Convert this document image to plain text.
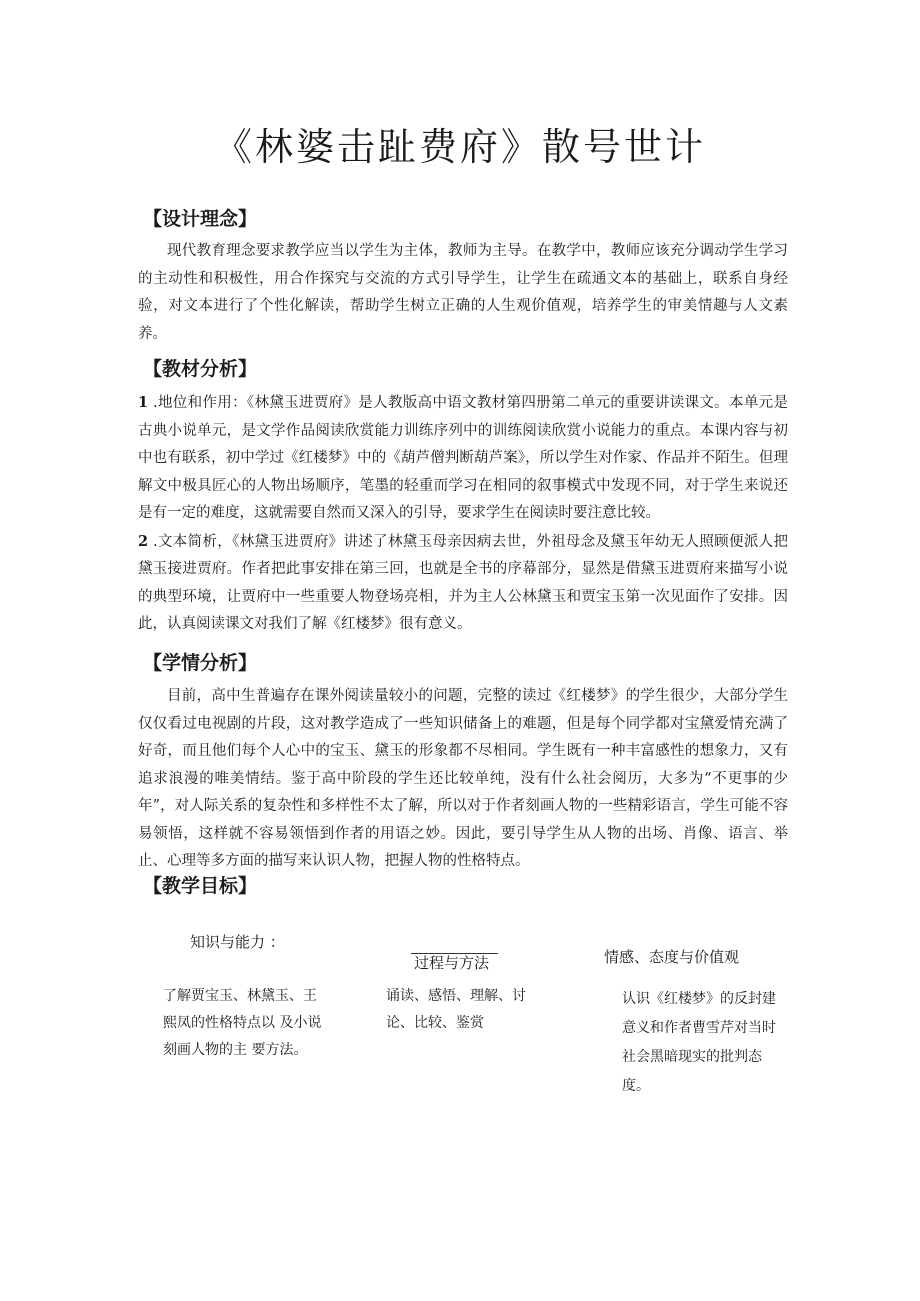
《林婆击趾费府》散号世计
【设计理念】

现代教育理念要求教学应当以学生为主体，教师为主导。在教学中，教师应该充分调动学生学习的主动性和积极性，用合作探究与交流的方式引导学生，让学生在疏通文本的基础上，联系自身经验，对文本进行了个性化解读，帮助学生树立正确的人生观价值观，培养学生的审美情趣与人文素养。

【教材分析】

1 .地位和作用：《林黛玉进贾府》是人教版高中语文教材第四册第二单元的重要讲读课文。本单元是古典小说单元，是文学作品阅读欣赏能力训练序列中的训练阅读欣赏小说能力的重点。本课内容与初中也有联系，初中学过《红楼梦》中的《葫芦僧判断葫芦案》，所以学生对作家、作品并不陌生。但理解文中极具匠心的人物出场顺序，笔墨的轻重而学习在相同的叙事模式中发现不同，对于学生来说还是有一定的难度，这就需要自然而又深入的引导，要求学生在阅读时要注意比较。

2 .文本简析，《林黛玉进贾府》讲述了林黛玉母亲因病去世，外祖母念及黛玉年幼无人照顾便派人把黛玉接进贾府。作者把此事安排在第三回，也就是全书的序幕部分，显然是借黛玉进贾府来描写小说的典型环境，让贾府中一些重要人物登场亮相，并为主人公林黛玉和贾宝玉第一次见面作了安排。因此，认真阅读课文对我们了解《红楼梦》很有意义。

【学情分析】

目前，高中生普遍存在课外阅读量较小的问题，完整的读过《红楼梦》的学生很少，大部分学生仅仅看过电视剧的片段，这对教学造成了一些知识储备上的难题，但是每个同学都对宝黛爱情充满了好奇，而且他们每个人心中的宝玉、黛玉的形象都不尽相同。学生既有一种丰富感性的想象力，又有追求浪漫的唯美情结。鉴于高中阶段的学生还比较单纯，没有什么社会阅历，大多为“不更事的少年”，对人际关系的复杂性和多样性不太了解，所以对于作者刻画人物的一些精彩语言，学生可能不容易领悟，这样就不容易领悟到作者的用语之妙。因此，要引导学生从人物的出场、肖像、语言、举止、心理等多方面的描写来认识人物，把握人物的性格特点。

【教学目标】
知识与能力 ：
过程与方法	情感、态度与价值观
了解贾宝玉、林黛玉、王熙凤的性格特点以 及小说刻画人物的主 要方法。
诵读、感悟、理解、讨论、比较、鉴赏
认识《红楼梦》的反封建意义和作者曹雪芹对当时社会黑暗现实的批判态度。
